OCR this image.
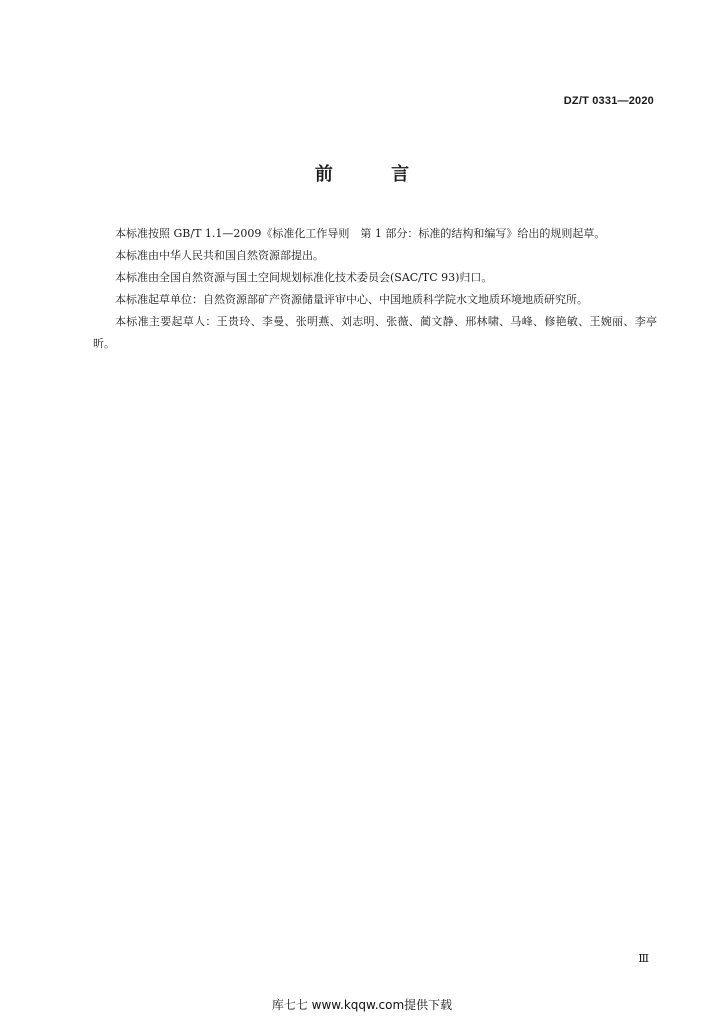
DZ/T 0331—2020
前 言

本标准按照 GB/T 1.1—2009《标准化工作导则　第 1 部分：标准的结构和编写》给出的规则起草。

本标准由中华人民共和国自然资源部提出。

本标准由全国自然资源与国土空间规划标准化技术委员会(SAC/TC 93)归口。

本标准起草单位：自然资源部矿产资源储量评审中心、中国地质科学院水文地质环境地质研究所。

本标准主要起草人：王贵玲、李曼、张明燕、刘志明、张薇、蔺文静、邢林啸、马峰、修艳敏、王婉丽、李亭昕。

Ⅲ
库七七 www.kqqw.com提供下载
